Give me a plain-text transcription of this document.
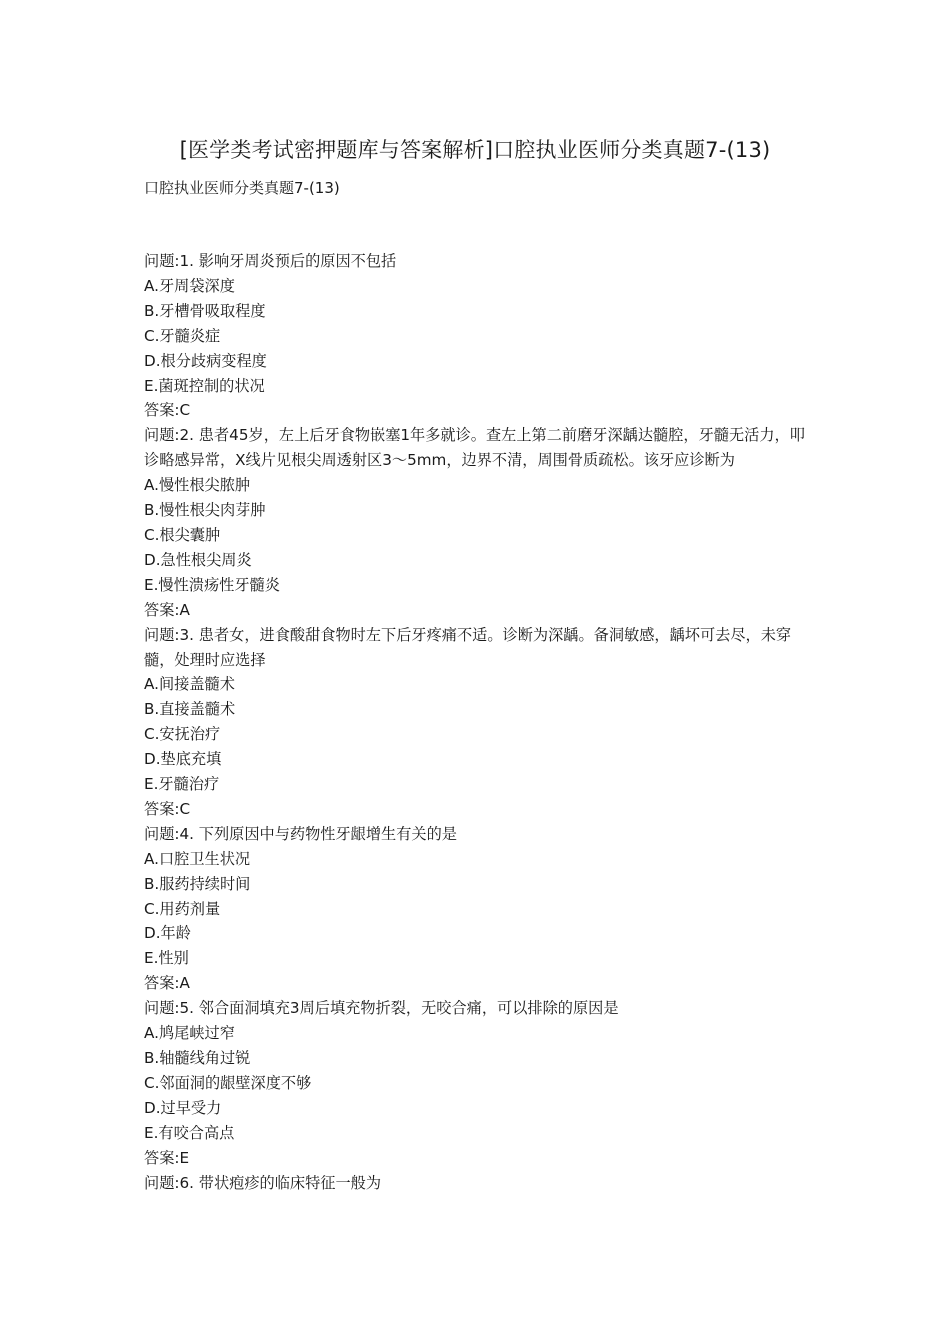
[医学类考试密押题库与答案解析]口腔执业医师分类真题7-(13)
口腔执业医师分类真题7-(13)
问题:1. 影响牙周炎预后的原因不包括
A.牙周袋深度
B.牙槽骨吸取程度
C.牙髓炎症
D.根分歧病变程度
E.菌斑控制的状况
答案:C
问题:2. 患者45岁，左上后牙食物嵌塞1年多就诊。查左上第二前磨牙深龋达髓腔，牙髓无活力，叩诊略感异常，X线片见根尖周透射区3～5mm，边界不清，周围骨质疏松。该牙应诊断为
A.慢性根尖脓肿
B.慢性根尖肉芽肿
C.根尖囊肿
D.急性根尖周炎
E.慢性溃疡性牙髓炎
答案:A
问题:3. 患者女，进食酸甜食物时左下后牙疼痛不适。诊断为深龋。备洞敏感，龋坏可去尽，未穿髓，处理时应选择
A.间接盖髓术
B.直接盖髓术
C.安抚治疗
D.垫底充填
E.牙髓治疗
答案:C
问题:4. 下列原因中与药物性牙龈增生有关的是
A.口腔卫生状况
B.服药持续时间
C.用药剂量
D.年龄
E.性别
答案:A
问题:5. 邻合面洞填充3周后填充物折裂，无咬合痛，可以排除的原因是
A.鸠尾峡过窄
B.轴髓线角过锐
C.邻面洞的龈壁深度不够
D.过早受力
E.有咬合高点
答案:E
问题:6. 带状疱疹的临床特征一般为
